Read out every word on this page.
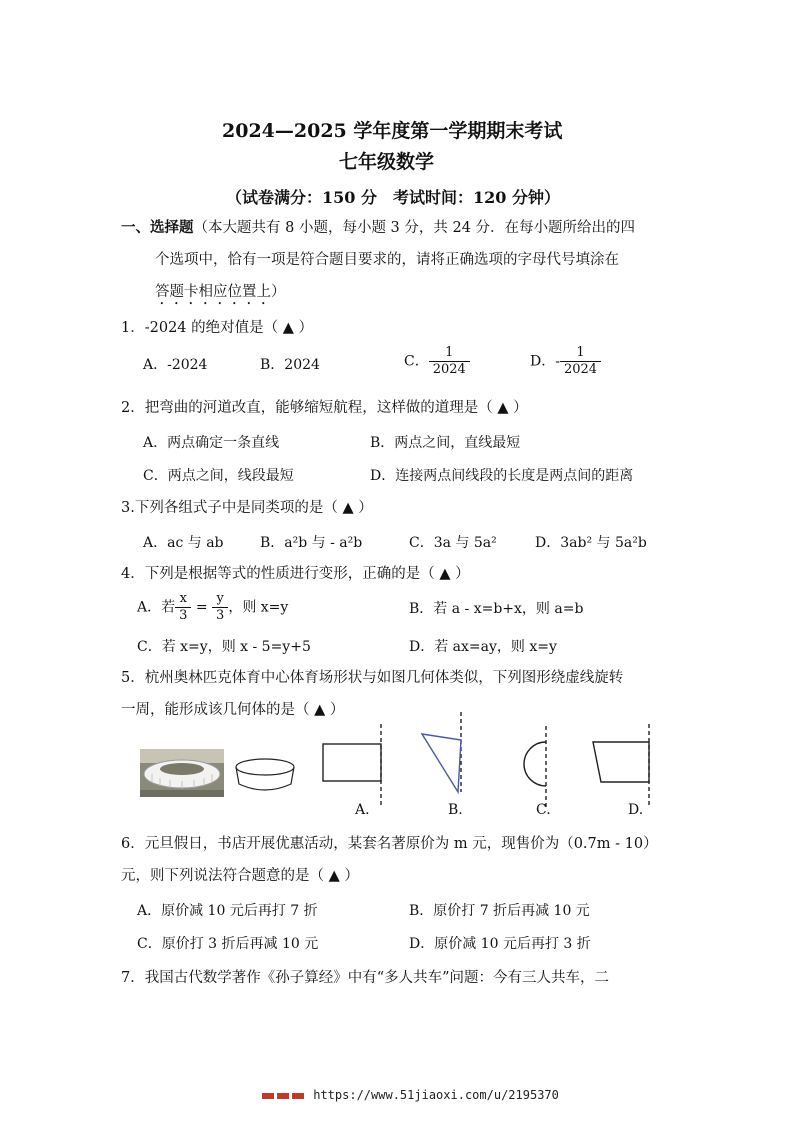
2024—2025 学年度第一学期期末考试
七年级数学
（试卷满分：150 分　考试时间：120 分钟）
一、选择题（本大题共有 8 小题，每小题 3 分，共 24 分．在每小题所给出的四
个选项中，恰有一项是符合题目要求的，请将正确选项的字母代号填涂在
答题卡相应位置上）
1．-2024 的绝对值是（ ▲ ）
A．-2024	B．2024	C． $\frac{1}{2024}$	D．- $\frac{1}{2024}$
2．把弯曲的河道改直，能够缩短航程，这样做的道理是（ ▲ ）
A．两点确定一条直线	B．两点之间，直线最短
C．两点之间，线段最短	D．连接两点间线段的长度是两点间的距离
3.下列各组式子中是同类项的是（ ▲ ）
A．ac 与 ab	B．a²b 与 - a²b	C．3a 与 5a²	D．3ab² 与 5a²b
4．下列是根据等式的性质进行变形，正确的是（ ▲ ）
A．若 $\frac{x}{3} = \frac{y}{3}$ ，则 x=y	B．若 a - x=b+x，则 a=b
C．若 x=y，则 x - 5=y+5	D．若 ax=ay，则 x=y
5．杭州奥林匹克体育中心体育场形状与如图几何体类似，下列图形绕虚线旋转
一周，能形成该几何体的是（ ▲ ）
A.	B.	C.	D.
6．元旦假日，书店开展优惠活动，某套名著原价为 m 元，现售价为（0.7m - 10）
元，则下列说法符合题意的是（ ▲ ）
A．原价减 10 元后再打 7 折	B．原价打 7 折后再减 10 元
C．原价打 3 折后再减 10 元	D．原价减 10 元后再打 3 折
7．我国古代数学著作《孙子算经》中有“多人共车”问题：今有三人共车，二
https://www.51jiaoxi.com/u/2195370
